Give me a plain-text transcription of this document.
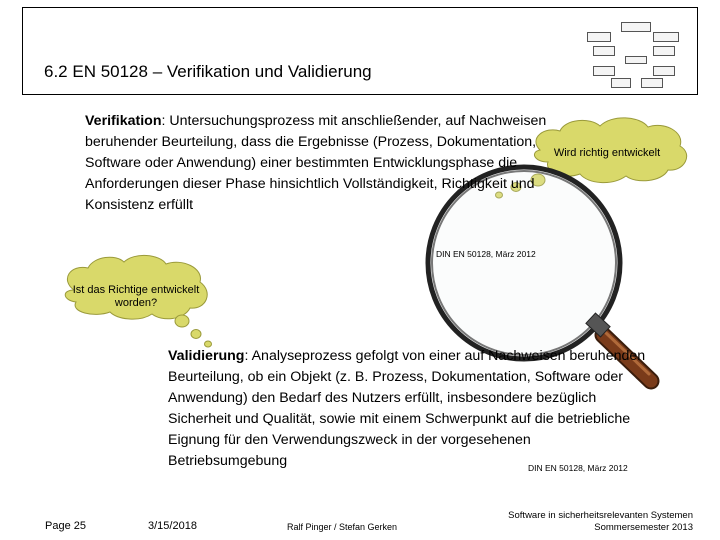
6.2 EN 50128 – Verifikation und Validierung
Wird richtig entwickelt
Ist das Richtige entwickelt worden?
Verifikation: Untersuchungsprozess mit anschließender, auf Nachweisen beruhender Beurteilung, dass die Ergebnisse (Prozess, Dokumentation, Software oder Anwendung) einer bestimmten Entwicklungsphase die Anforderungen dieser Phase hinsichtlich Vollständigkeit, Richtigkeit und Konsistenz erfüllt
DIN EN 50128, März 2012
Validierung: Analyseprozess gefolgt von einer auf Nachweisen beruhenden Beurteilung, ob ein Objekt (z. B. Prozess, Dokumentation, Software oder Anwendung) den Bedarf des Nutzers erfüllt, insbesondere bezüglich Sicherheit und Qualität, sowie mit einem Schwerpunkt auf die betriebliche Eignung für den Verwendungszweck in der vorgesehenen Betriebsumgebung	DIN EN 50128, März 2012
Page 25	3/15/2018	Ralf Pinger / Stefan Gerken
Software in sicherheitsrelevanten Systemen
Sommersemester 2013
